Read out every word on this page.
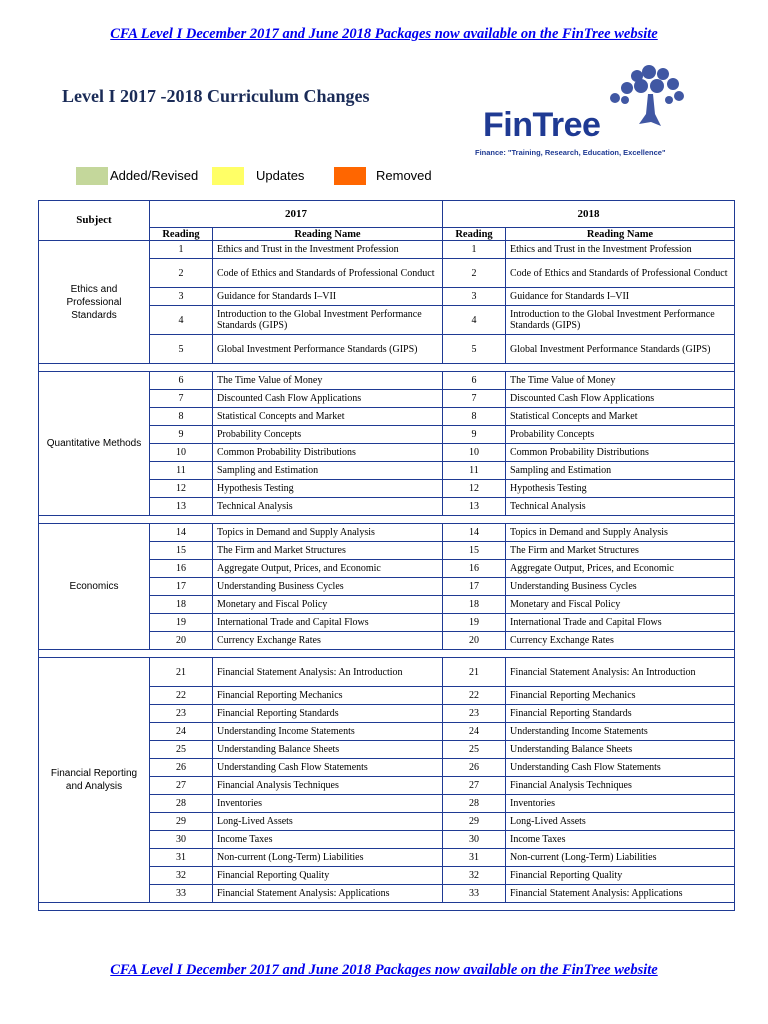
CFA Level I December 2017 and June 2018 Packages now available on the FinTree website
Level I 2017 -2018 Curriculum Changes
FinTree
Finance: "Training, Research, Education, Excellence"
Added/Revised	Updates	Removed
Subject	2017		2018	
	Reading	Reading Name	Reading	Reading Name
Ethics and Professional Standards	1	Ethics and Trust in the Investment Profession	1	Ethics and Trust in the Investment Profession
	2	Code of Ethics and Standards of Professional Conduct	2	Code of Ethics and Standards of Professional Conduct
	3	Guidance for Standards I–VII	3	Guidance for Standards I–VII
	4	Introduction to the Global Investment Performance Standards (GIPS)	4	Introduction to the Global Investment Performance Standards (GIPS)
	5	Global Investment Performance Standards (GIPS)	5	Global Investment Performance Standards (GIPS)

Quantitative Methods	6	The Time Value of Money	6	The Time Value of Money
	7	Discounted Cash Flow Applications	7	Discounted Cash Flow Applications
	8	Statistical Concepts and Market	8	Statistical Concepts and Market
	9	Probability Concepts	9	Probability Concepts
	10	Common Probability Distributions	10	Common Probability Distributions
	11	Sampling and Estimation	11	Sampling and Estimation
	12	Hypothesis Testing	12	Hypothesis Testing
	13	Technical Analysis	13	Technical Analysis

Economics	14	Topics in Demand and Supply Analysis	14	Topics in Demand and Supply Analysis
	15	The Firm and Market Structures	15	The Firm and Market Structures
	16	Aggregate Output, Prices, and Economic	16	Aggregate Output, Prices, and Economic
	17	Understanding Business Cycles	17	Understanding Business Cycles
	18	Monetary and Fiscal Policy	18	Monetary and Fiscal Policy
	19	International Trade and Capital Flows	19	International Trade and Capital Flows
	20	Currency Exchange Rates	20	Currency Exchange Rates

Financial Reporting and Analysis	21	Financial Statement Analysis: An Introduction	21	Financial Statement Analysis: An Introduction
	22	Financial Reporting Mechanics	22	Financial Reporting Mechanics
	23	Financial Reporting Standards	23	Financial Reporting Standards
	24	Understanding Income Statements	24	Understanding Income Statements
	25	Understanding Balance Sheets	25	Understanding Balance Sheets
	26	Understanding Cash Flow Statements	26	Understanding Cash Flow Statements
	27	Financial Analysis Techniques	27	Financial Analysis Techniques
	28	Inventories	28	Inventories
	29	Long-Lived Assets	29	Long-Lived Assets
	30	Income Taxes	30	Income Taxes
	31	Non-current (Long-Term) Liabilities	31	Non-current (Long-Term) Liabilities
	32	Financial Reporting Quality	32	Financial Reporting Quality
	33	Financial Statement Analysis: Applications	33	Financial Statement Analysis: Applications

CFA Level I December 2017 and June 2018 Packages now available on the FinTree website
